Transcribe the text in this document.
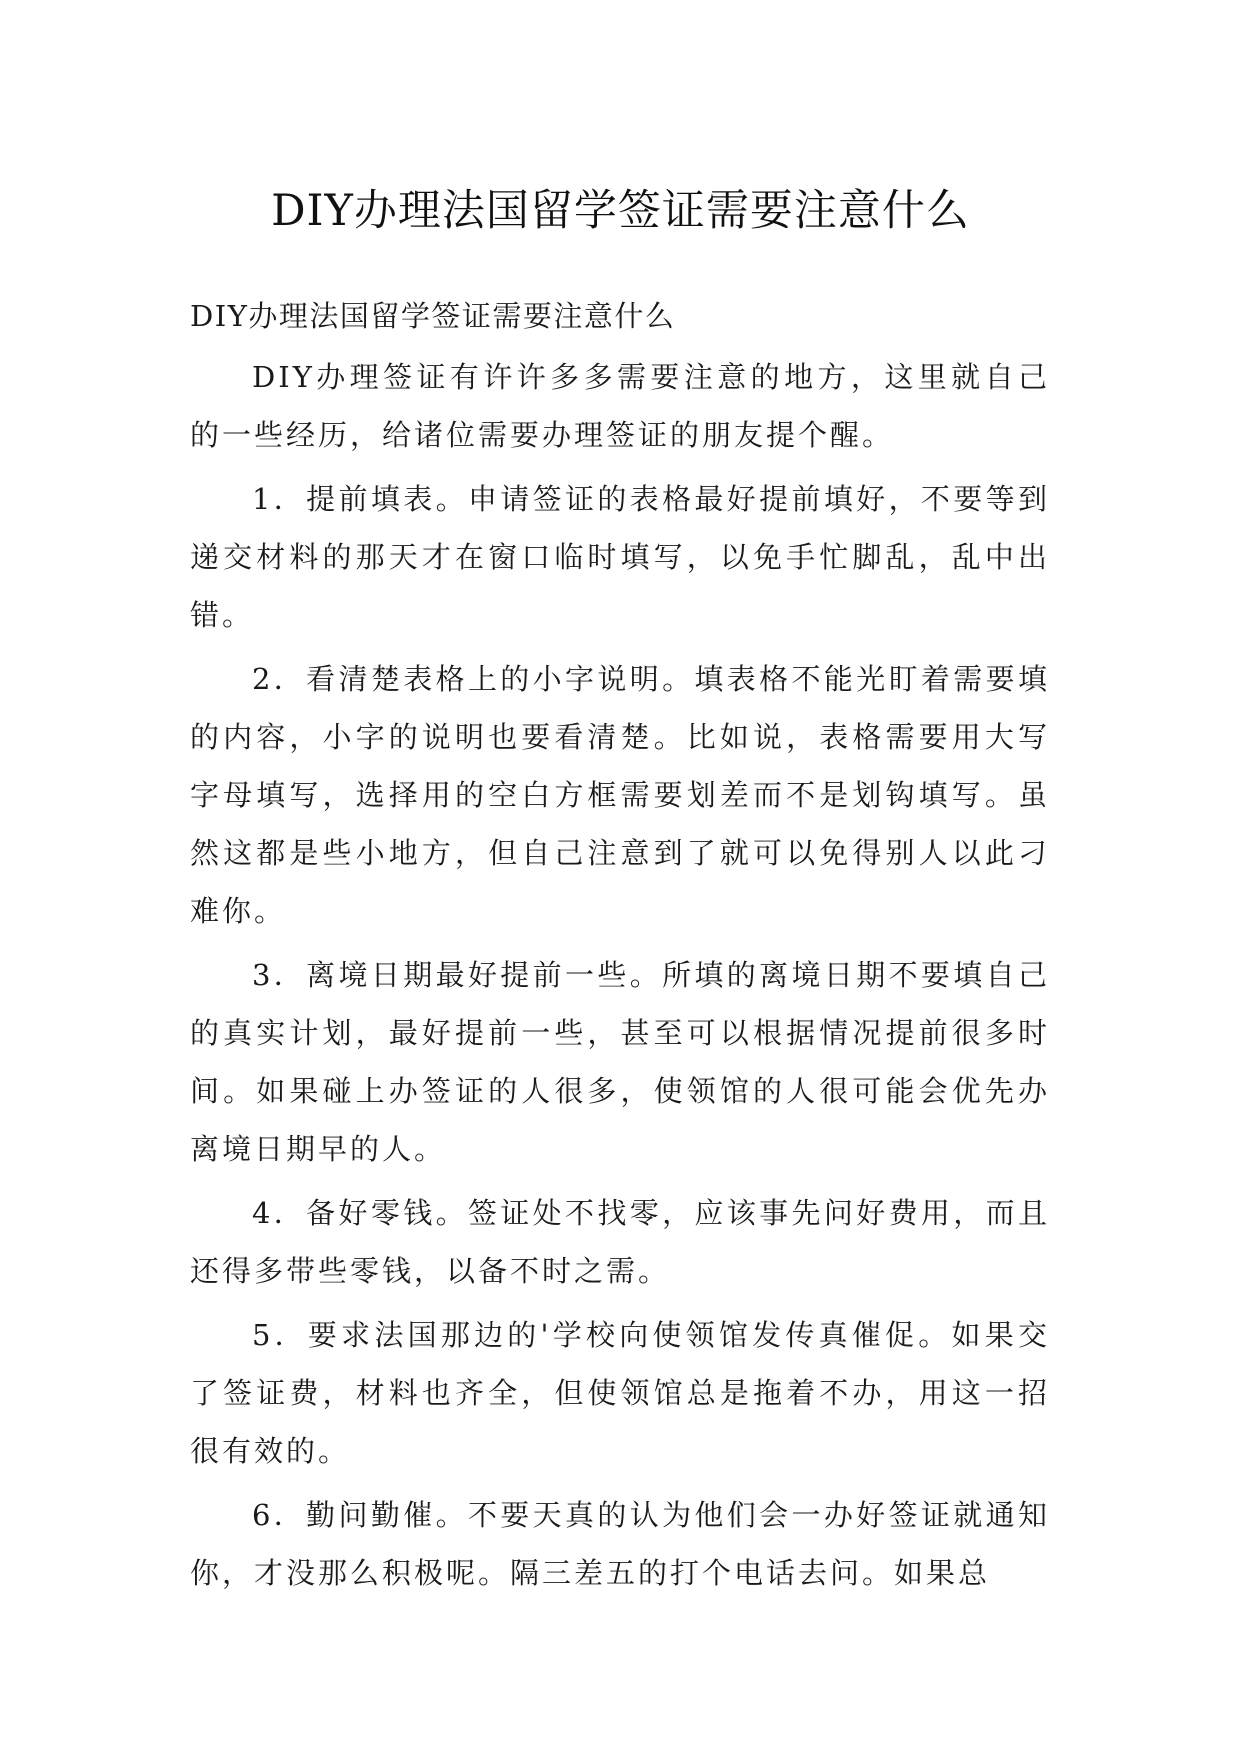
DIY办理法国留学签证需要注意什么

DIY办理法国留学签证需要注意什么

DIY办理签证有许许多多需要注意的地方，这里就自己的一些经历，给诸位需要办理签证的朋友提个醒。

1．提前填表。申请签证的表格最好提前填好，不要等到递交材料的那天才在窗口临时填写，以免手忙脚乱，乱中出错。

2．看清楚表格上的小字说明。填表格不能光盯着需要填的内容，小字的说明也要看清楚。比如说，表格需要用大写字母填写，选择用的空白方框需要划差而不是划钩填写。虽然这都是些小地方，但自己注意到了就可以免得别人以此刁难你。

3．离境日期最好提前一些。所填的离境日期不要填自己的真实计划，最好提前一些，甚至可以根据情况提前很多时间。如果碰上办签证的人很多，使领馆的人很可能会优先办离境日期早的人。

4．备好零钱。签证处不找零，应该事先问好费用，而且还得多带些零钱，以备不时之需。

5．要求法国那边的'学校向使领馆发传真催促。如果交了签证费，材料也齐全，但使领馆总是拖着不办，用这一招很有效的。

6．勤问勤催。不要天真的认为他们会一办好签证就通知你，才没那么积极呢。隔三差五的打个电话去问。如果总
